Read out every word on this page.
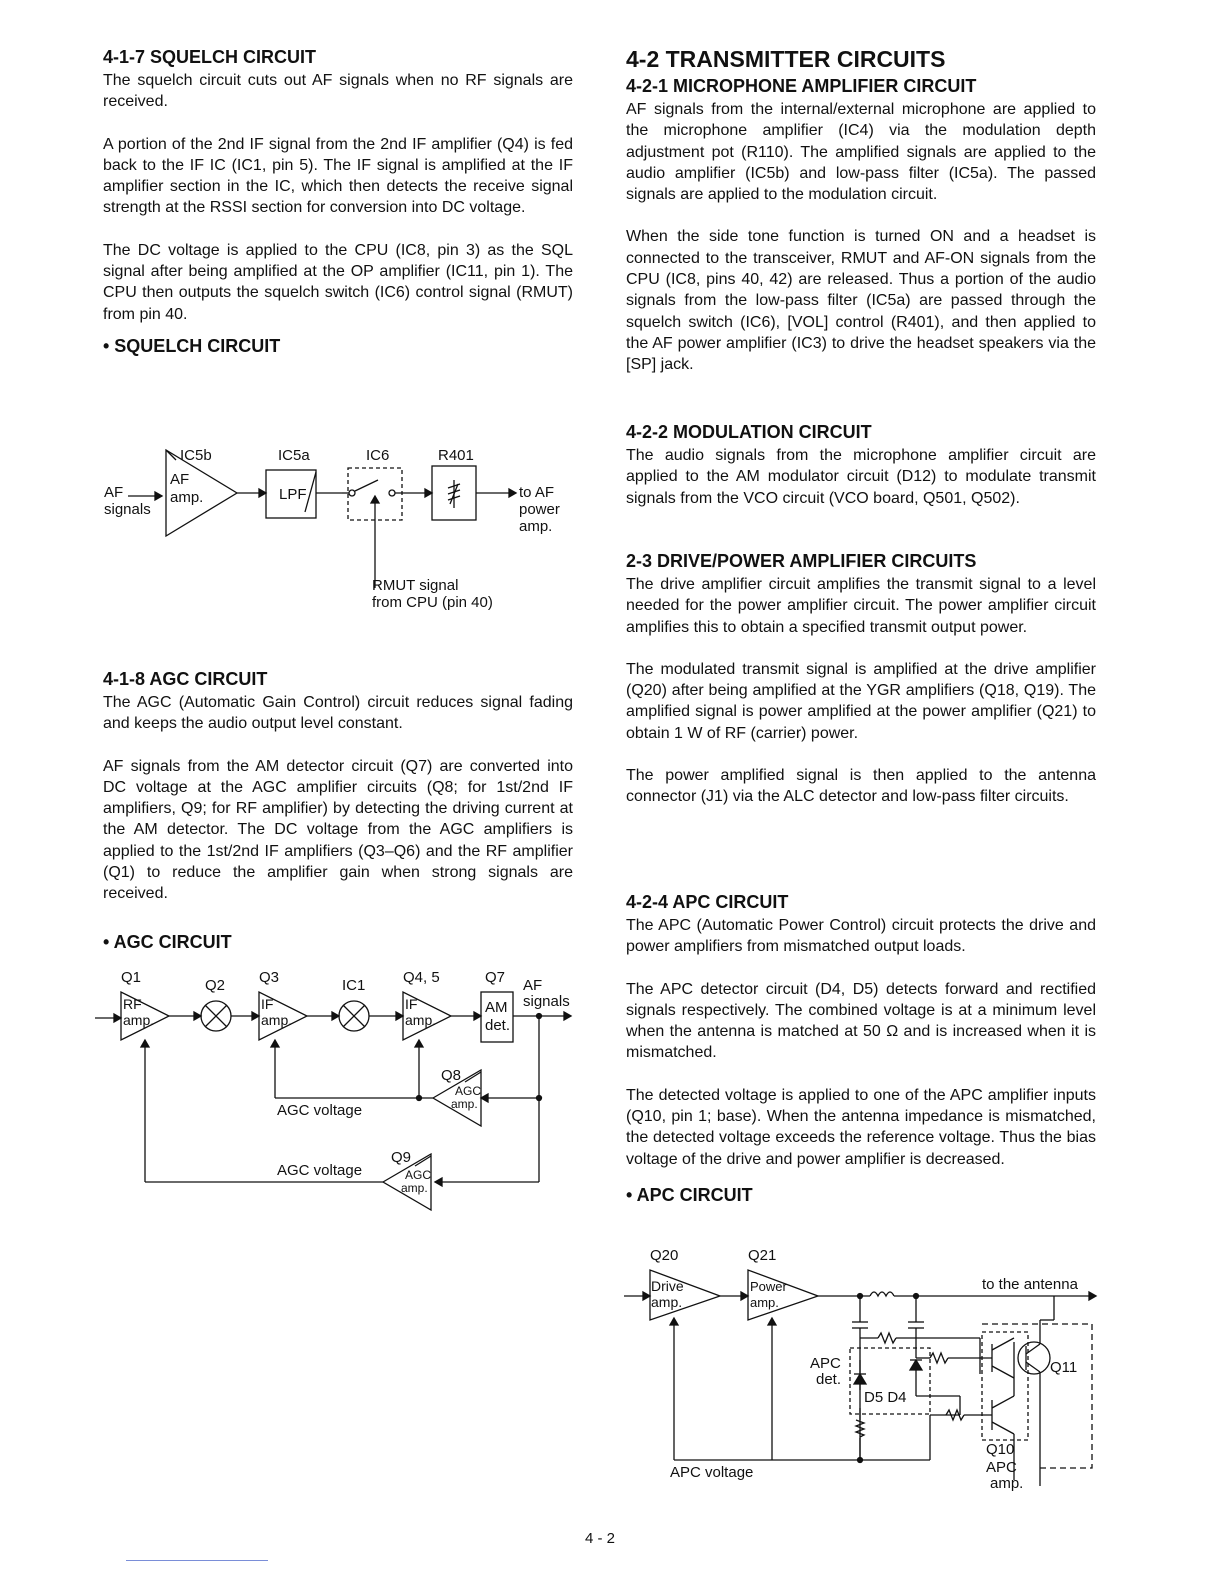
4-1-7 SQUELCH CIRCUIT

The squelch circuit cuts out AF signals when no RF signals are received.

A portion of the 2nd IF signal from the 2nd IF amplifier (Q4) is fed back to the IF IC (IC1, pin 5). The IF signal is amplified at the IF amplifier section in the IC, which then detects the receive signal strength at the RSSI section for conversion into DC voltage.

The DC voltage is applied to the CPU (IC8, pin 3) as the SQL signal after being amplified at the OP amplifier (IC11, pin 1). The CPU then outputs the squelch switch (IC6) control signal (RMUT) from pin 40.

• SQUELCH CIRCUIT
IC5b	IC5a	IC6	R401
AF
signals
AF
amp.	LPF	to AF
power
amp.
RMUT signal
from CPU (pin 40)
4-1-8 AGC CIRCUIT

The AGC (Automatic Gain Control) circuit reduces signal fading and keeps the audio output level constant.

AF signals from the AM detector circuit (Q7) are converted into DC voltage at the AGC amplifier circuits (Q8; for 1st/2nd IF amplifiers, Q9; for RF amplifier) by detecting the driving current at the AM detector. The DC voltage from the AGC amplifiers is applied to the 1st/2nd IF amplifiers (Q3–Q6) and the RF amplifier (Q1) to reduce the amplifier gain when strong signals are received.

• AGC CIRCUIT
Q1	Q2 Q3	IC1	Q4, 5	Q7 AF
signals
RF
amp.
IF
amp.
IF
amp.
AM
det.
Q8
AGC
amp.
AGC voltage
Q9
AGC
amp.
AGC voltage
4-2 TRANSMITTER CIRCUITS
4-2-1 MICROPHONE AMPLIFIER CIRCUIT

AF signals from the internal/external microphone are applied to the microphone amplifier (IC4) via the modulation depth adjustment pot (R110). The amplified signals are applied to the audio amplifier (IC5b) and low-pass filter (IC5a). The passed signals are applied to the modulation circuit.

When the side tone function is turned ON and a headset is connected to the transceiver, RMUT and AF-ON signals from the CPU (IC8, pins 40, 42) are released. Thus a portion of the audio signals from the low-pass filter (IC5a) are passed through the squelch switch (IC6), [VOL] control (R401), and then applied to the AF power amplifier (IC3) to drive the headset speakers via the [SP] jack.

4-2-2 MODULATION CIRCUIT

The audio signals from the microphone amplifier circuit are applied to the AM modulator circuit (D12) to modulate transmit signals from the VCO circuit (VCO board, Q501, Q502).

2-3 DRIVE/POWER AMPLIFIER CIRCUITS

The drive amplifier circuit amplifies the transmit signal to a level needed for the power amplifier circuit. The power amplifier circuit amplifies this to obtain a specified transmit output power.

The modulated transmit signal is amplified at the drive amplifier (Q20) after being amplified at the YGR amplifiers (Q18, Q19). The amplified signal is power amplified at the power amplifier (Q21) to obtain 1 W of RF (carrier) power.

The power amplified signal is then applied to the antenna connector (J1) via the ALC detector and low-pass filter circuits.

4-2-4 APC CIRCUIT

The APC (Automatic Power Control) circuit protects the drive and power amplifiers from mismatched output loads.

The APC detector circuit (D4, D5) detects forward and rectified signals respectively. The combined voltage is at a minimum level when the antenna is matched at 50 Ω and is increased when it is mismatched.

The detected voltage is applied to one of the APC amplifier inputs (Q10, pin 1; base). When the antenna impedance is mismatched, the detected voltage exceeds the reference voltage. Thus the bias voltage of the drive and power amplifier is decreased.

• APC CIRCUIT
Q20	Q21
Drive
amp.
Power
amp.
to the antenna
APC
det.
D5 D4
Q11
Q10
APC
amp.
APC voltage
4 - 2
